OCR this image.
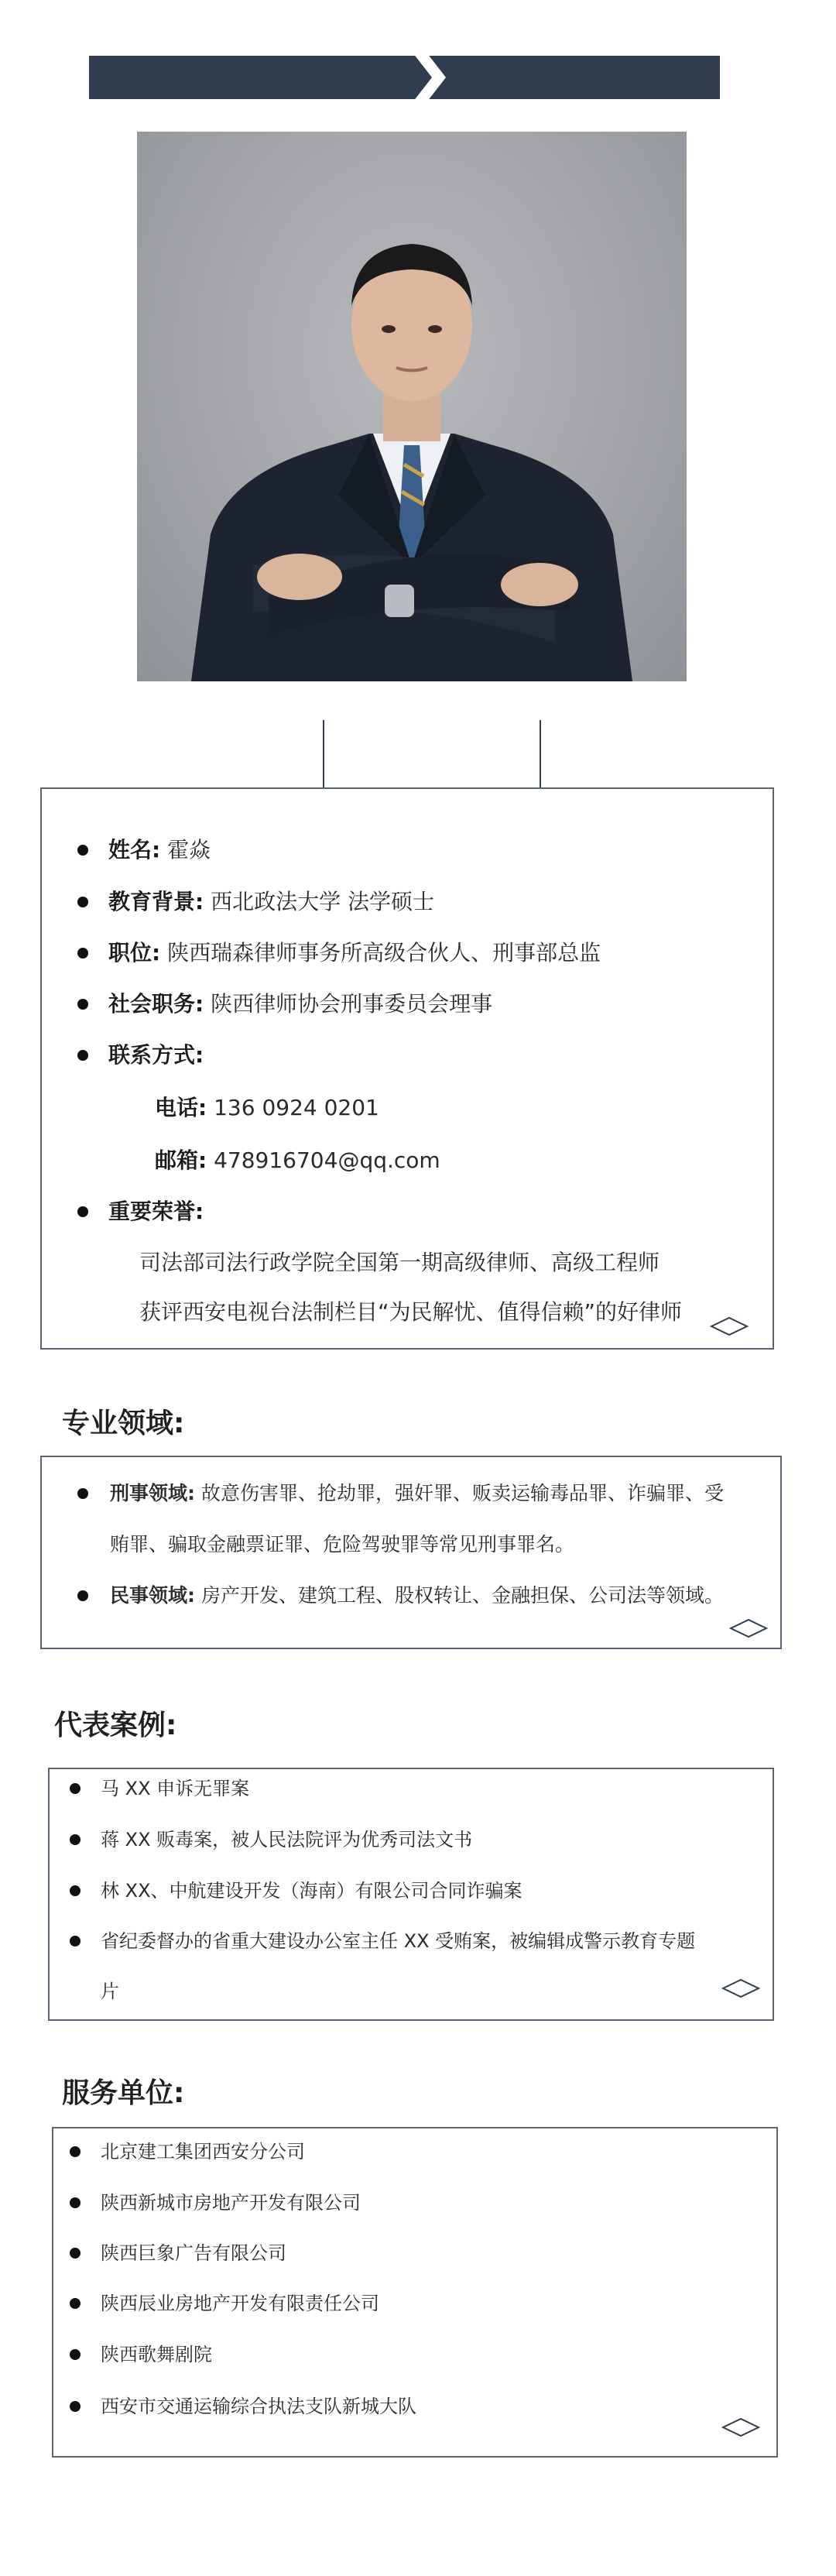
姓名: 霍焱
教育背景: 西北政法大学 法学硕士
职位: 陕西瑞森律师事务所高级合伙人、刑事部总监
社会职务: 陕西律师协会刑事委员会理事
联系方式:
电话: 136 0924 0201
邮箱: 478916704@qq.com
重要荣誉:
司法部司法行政学院全国第一期高级律师、高级工程师
获评西安电视台法制栏目“为民解忧、值得信赖”的好律师
专业领域:
刑事领域: 故意伤害罪、抢劫罪，强奸罪、贩卖运输毒品罪、诈骗罪、受
贿罪、骗取金融票证罪、危险驾驶罪等常见刑事罪名。
民事领域: 房产开发、建筑工程、股权转让、金融担保、公司法等领域。
代表案例:
马 XX 申诉无罪案
蒋 XX 贩毒案，被人民法院评为优秀司法文书
林 XX、中航建设开发（海南）有限公司合同诈骗案
省纪委督办的省重大建设办公室主任 XX 受贿案，被编辑成警示教育专题
片
服务单位:
北京建工集团西安分公司
陕西新城市房地产开发有限公司
陕西巨象广告有限公司
陕西辰业房地产开发有限责任公司
陕西歌舞剧院
西安市交通运输综合执法支队新城大队
